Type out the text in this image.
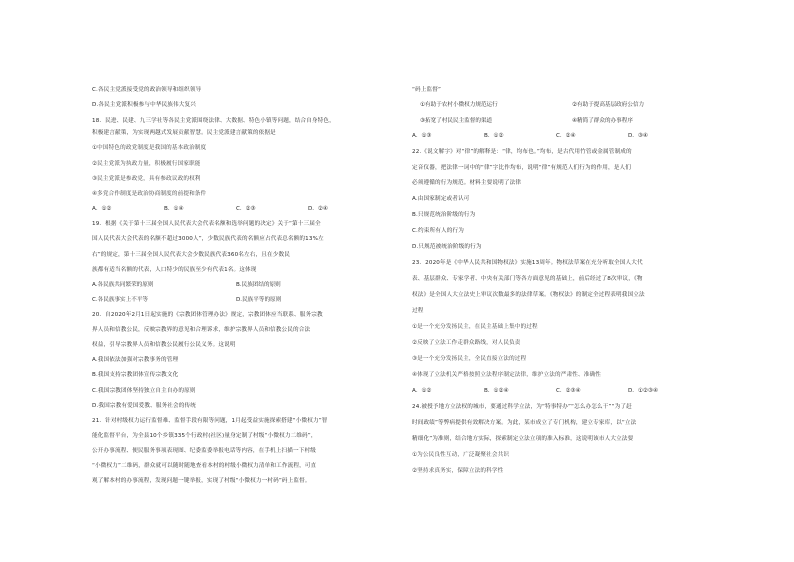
C.各民主党派接受党的政治领导和组织领导
D.各民主党派积极参与中华民族伟大复兴
18．民进、民建、九三学社等各民主党派围绕法律、大数据、特色小镇等问题，结合自身特色，
积极建言献策，为实现两越式发展贡献智慧。民主党派建言献策的依据是
①中国特色的政党制度是我国的基本政治制度
②民主党派为执政力量，积极履行国家职能
③民主党派是参政党，具有参政议政的权利
④多党合作制度是政治协商制度的前提和条件
A．①②	B．①④	C．②③	D．②④
19．根据《关于第十三届全国人民代表大会代表名额和选举问题的决定》关于“第十三届全
国人民代表大会代表的名额不超过3000人”，少数民族代表的名额应占代表总名额的13%左
右”的规定，第十三届全国人民代表大会少数民族代表360名左右，且在少数民
族都有适当名额的代表，人口特少的民族至少有代表1名。这体现
A.各民族共同繁荣的原则	B.民族团结的原则
C.各民族事实上不平等	D.民族平等的原则
20．自2020年2月1日起实施的《宗教团体管理办法》规定，宗教团体应当联系、服务宗教
界人员和信教公民，反映宗教界的意见和合理诉求，维护宗教界人员和信教公民的合法
权益，引导宗教界人员和信教公民履行公民义务。这说明
A.我国依法加强对宗教事务的管理
B.我国支持宗教团体宣传宗教文化
C.我国宗教团体坚持独立自主自办的原则
D.我国宗教有爱国爱教、服务社会的传统
21．针对村级权力运行监督难、监督手段有限等问题，1月起受益实施探索搭建“小微权力”智
能化监督平台，为全县10个乡镇335个行政村(社区)量身定制了村级“小微权力二维码”，
公开办事流程、便民服务事项表现图、纪委监委举报电话等内容，在手机上扫描一下村级
“小微权力”二维码，群众就可以随时随地查看本村的村级小微权力清单和工作流程，可直
观了解本村的办事流程，发现问题一键举报，实现了村级“小微权力一村码”码上监督。
“码上监督”
①有助于农村小微权力规范运行	②有助于提高基层政府公信力
③拓宽了村民民主监督的渠道	④精简了群众的办事程序
A．①③	B．①②	C．②④	D．③④
22.《说文解字》对“律”的解释是：“律，均布也。”均布，是古代用竹管或金属管制成的
定音仪器，把法律一词中的“律”字比作均布，说明“律”有规范人们行为的作用，是人们
必须遵循的行为规范。材料主要说明了法律
A.由国家制定或者认可
B.只规范统治阶级的行为
C.约束所有人的行为
D.只规范被统治阶级的行为
23．2020年是《中华人民共和国物权法》实施13周年。物权法草案在充分听取全国人大代
表、基层群众、专家学者、中央有关部门等各方面意见的基础上，前后经过了8次审议，《物
权法》是全国人大立法史上审议次数最多的法律草案。《物权法》的制定全过程表明我国立法
过程
①是一个充分发扬民主，在民主基础上集中的过程
②反映了立法工作走群众路线，对人民负责
③是一个充分发扬民主，全民直接立法的过程
④体现了立法机关严格按照立法程序制定法律，维护立法的严肃性、准确性
A．①②	B．①②④	C．②③④	D．①②③④
24.被授予地方立法权的城市，要通过科学立法，为“特事特办”“怎么办怎么干”“为了赶
时间政绩”等弊病提供有效解决方案。为此，某市成立了专门机构，建立专家库，以“立法
精细化”为准则，结合地方实际，探索制定立法立项的准入标准，这说明该市人大立法要
①为公民良性互动，广泛凝聚社会共识
②坚持求真务实，保障立法的科学性
